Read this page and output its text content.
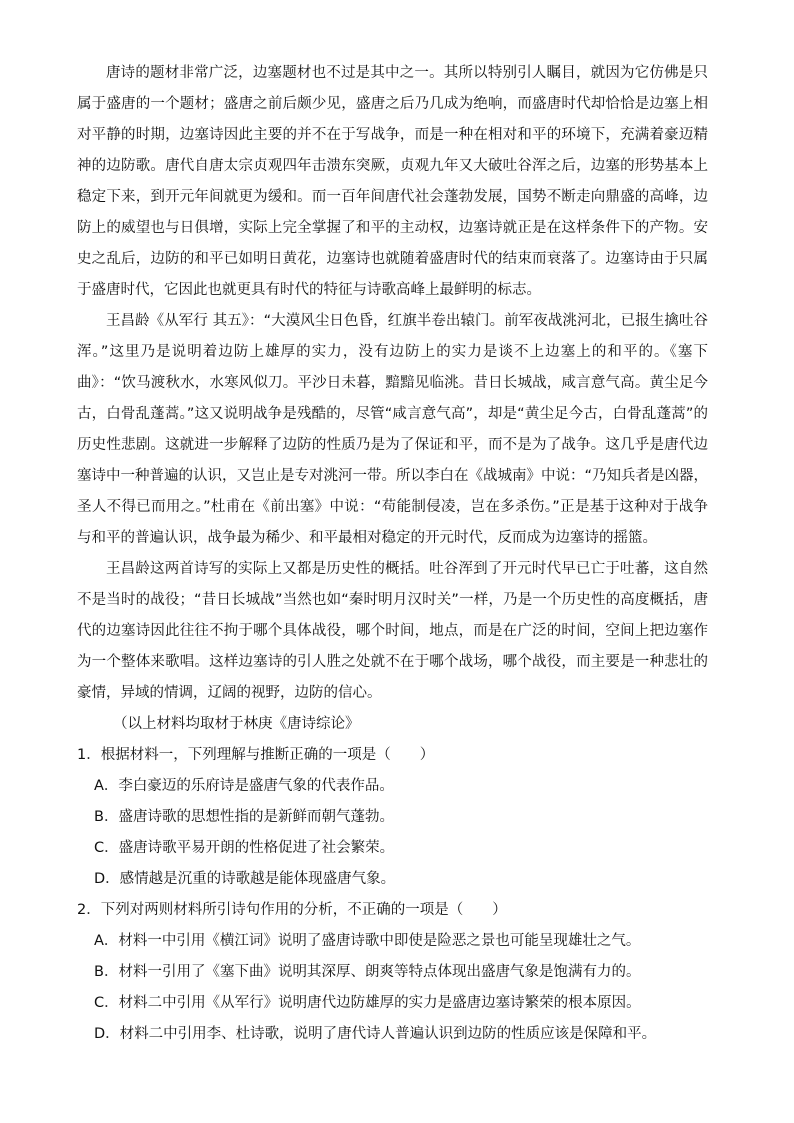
唐诗的题材非常广泛，边塞题材也不过是其中之一。其所以特别引人瞩目，就因为它仿佛是只属于盛唐的一个题材；盛唐之前后颇少见，盛唐之后乃几成为绝响，而盛唐时代却恰恰是边塞上相对平静的时期，边塞诗因此主要的并不在于写战争，而是一种在相对和平的环境下，充满着豪迈精神的边防歌。唐代自唐太宗贞观四年击溃东突厥，贞观九年又大破吐谷浑之后，边塞的形势基本上稳定下来，到开元年间就更为缓和。而一百年间唐代社会蓬勃发展，国势不断走向鼎盛的高峰，边防上的威望也与日俱增，实际上完全掌握了和平的主动权，边塞诗就正是在这样条件下的产物。安史之乱后，边防的和平已如明日黄花，边塞诗也就随着盛唐时代的结束而衰落了。边塞诗由于只属于盛唐时代，它因此也就更具有时代的特征与诗歌高峰上最鲜明的标志。

王昌龄《从军行 其五》：“大漠风尘日色昏，红旗半卷出辕门。前军夜战洮河北，已报生擒吐谷浑。”这里乃是说明着边防上雄厚的实力，没有边防上的实力是谈不上边塞上的和平的。《塞下曲》：“饮马渡秋水，水寒风似刀。平沙日未暮，黯黯见临洮。昔日长城战，咸言意气高。黄尘足今古，白骨乱蓬蒿。”这又说明战争是残酷的，尽管“咸言意气高”，却是“黄尘足今古，白骨乱蓬蒿”的历史性悲剧。这就进一步解释了边防的性质乃是为了保证和平，而不是为了战争。这几乎是唐代边塞诗中一种普遍的认识，又岂止是专对洮河一带。所以李白在《战城南》中说：“乃知兵者是凶器，圣人不得已而用之。”杜甫在《前出塞》中说：“苟能制侵凌，岂在多杀伤。”正是基于这种对于战争与和平的普遍认识，战争最为稀少、和平最相对稳定的开元时代，反而成为边塞诗的摇篮。

王昌龄这两首诗写的实际上又都是历史性的概括。吐谷浑到了开元时代早已亡于吐蕃，这自然不是当时的战役；“昔日长城战”当然也如“秦时明月汉时关”一样，乃是一个历史性的高度概括，唐代的边塞诗因此往往不拘于哪个具体战役，哪个时间，地点，而是在广泛的时间，空间上把边塞作为一个整体来歌唱。这样边塞诗的引人胜之处就不在于哪个战场，哪个战役，而主要是一种悲壮的豪情，异域的情调，辽阔的视野，边防的信心。

（以上材料均取材于林庚《唐诗综论》

1．根据材料一，下列理解与推断正确的一项是（　　）

A．李白豪迈的乐府诗是盛唐气象的代表作品。

B．盛唐诗歌的思想性指的是新鲜而朝气蓬勃。

C．盛唐诗歌平易开朗的性格促进了社会繁荣。

D．感情越是沉重的诗歌越是能体现盛唐气象。

2．下列对两则材料所引诗句作用的分析，不正确的一项是（　　）

A．材料一中引用《横江词》说明了盛唐诗歌中即使是险恶之景也可能呈现雄壮之气。

B．材料一引用了《塞下曲》说明其深厚、朗爽等特点体现出盛唐气象是饱满有力的。

C．材料二中引用《从军行》说明唐代边防雄厚的实力是盛唐边塞诗繁荣的根本原因。

D．材料二中引用李、杜诗歌，说明了唐代诗人普遍认识到边防的性质应该是保障和平。
